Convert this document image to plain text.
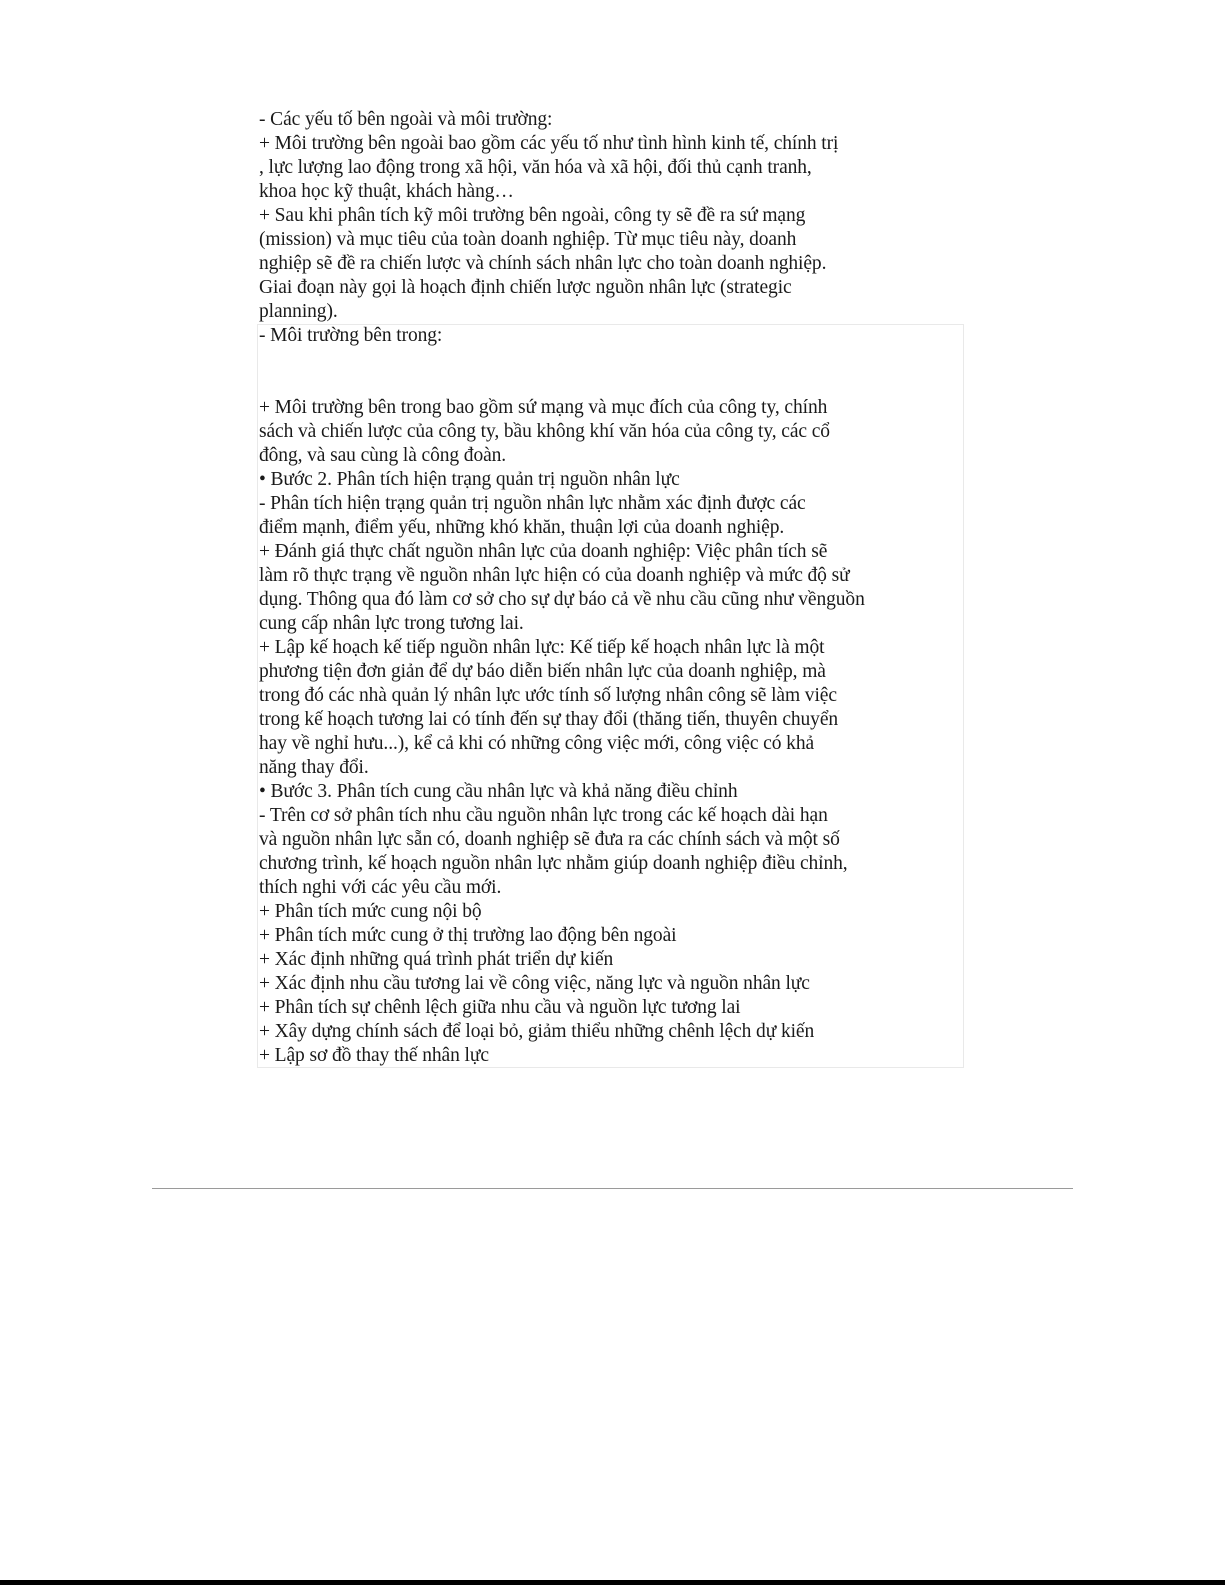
- Các yếu tố bên ngoài và môi trường:
+ Môi trường bên ngoài bao gồm các yếu tố như tình hình kinh tế, chính trị
, lực lượng lao động trong xã hội, văn hóa và xã hội, đối thủ cạnh tranh,
khoa học kỹ thuật, khách hàng…
+ Sau khi phân tích kỹ môi trường bên ngoài, công ty sẽ đề ra sứ mạng
(mission) và mục tiêu của toàn doanh nghiệp. Từ mục tiêu này, doanh
nghiệp sẽ đề ra chiến lược và chính sách nhân lực cho toàn doanh nghiệp.
Giai đoạn này gọi là hoạch định chiến lược nguồn nhân lực (strategic
planning).
- Môi trường bên trong:
+ Môi trường bên trong bao gồm sứ mạng và mục đích của công ty, chính
sách và chiến lược của công ty, bầu không khí văn hóa của công ty, các cổ
đông, và sau cùng là công đoàn.
• Bước 2. Phân tích hiện trạng quản trị nguồn nhân lực
- Phân tích hiện trạng quản trị nguồn nhân lực nhằm xác định được các
điểm mạnh, điểm yếu, những khó khăn, thuận lợi của doanh nghiệp.
+ Đánh giá thực chất nguồn nhân lực của doanh nghiệp: Việc phân tích sẽ
làm rõ thực trạng về nguồn nhân lực hiện có của doanh nghiệp và mức độ sử
dụng. Thông qua đó làm cơ sở cho sự dự báo cả về nhu cầu cũng như vềnguồn
cung cấp nhân lực trong tương lai.
+ Lập kế hoạch kế tiếp nguồn nhân lực: Kế tiếp kế hoạch nhân lực là một
phương tiện đơn giản để dự báo diễn biến nhân lực của doanh nghiệp, mà
trong đó các nhà quản lý nhân lực ước tính số lượng nhân công sẽ làm việc
trong kế hoạch tương lai có tính đến sự thay đổi (thăng tiến, thuyên chuyển
hay về nghỉ hưu...), kể cả khi có những công việc mới, công việc có khả
năng thay đổi.
• Bước 3. Phân tích cung cầu nhân lực và khả năng điều chỉnh
- Trên cơ sở phân tích nhu cầu nguồn nhân lực trong các kế hoạch dài hạn
và nguồn nhân lực sẵn có, doanh nghiệp sẽ đưa ra các chính sách và một số
chương trình, kế hoạch nguồn nhân lực nhằm giúp doanh nghiệp điều chỉnh,
thích nghi với các yêu cầu mới.
+ Phân tích mức cung nội bộ
+ Phân tích mức cung ở thị trường lao động bên ngoài
+ Xác định những quá trình phát triển dự kiến
+ Xác định nhu cầu tương lai về công việc, năng lực và nguồn nhân lực
+ Phân tích sự chênh lệch giữa nhu cầu và nguồn lực tương lai
+ Xây dựng chính sách để loại bỏ, giảm thiểu những chênh lệch dự kiến
+ Lập sơ đồ thay thế nhân lực
